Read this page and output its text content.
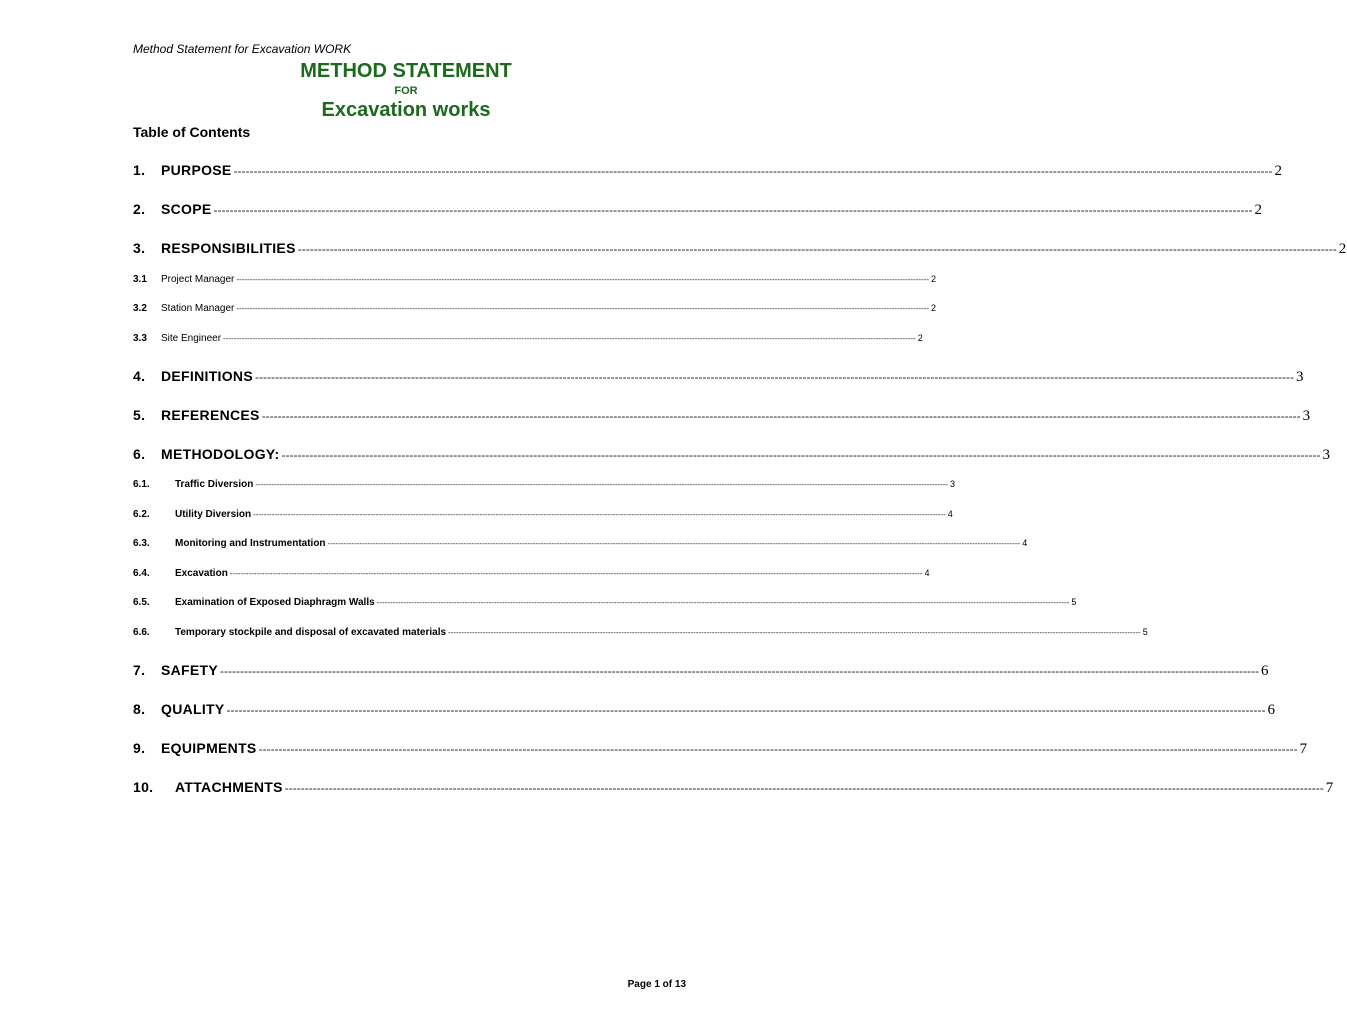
Method Statement for Excavation WORK
METHOD STATEMENT
FOR
Excavation works
Table of Contents
1.	PURPOSE -------------------------------------------------------------------------------------------------------------------------------------------------------------------------------------------------------------------------------------------------------------------- 2
2.	SCOPE -------------------------------------------------------------------------------------------------------------------------------------------------------------------------------------------------------------------------------------------------------------------- 2
3.	RESPONSIBILITIES -------------------------------------------------------------------------------------------------------------------------------------------------------------------------------------------------------------------------------------------------------------------- 2
3.1	Project Manager -------------------------------------------------------------------------------------------------------------------------------------------------------------------------------------------------------------------------------------------------------------------- 2
3.2	Station Manager -------------------------------------------------------------------------------------------------------------------------------------------------------------------------------------------------------------------------------------------------------------------- 2
3.3	Site Engineer -------------------------------------------------------------------------------------------------------------------------------------------------------------------------------------------------------------------------------------------------------------------- 2
4.	DEFINITIONS -------------------------------------------------------------------------------------------------------------------------------------------------------------------------------------------------------------------------------------------------------------------- 3
5.	REFERENCES -------------------------------------------------------------------------------------------------------------------------------------------------------------------------------------------------------------------------------------------------------------------- 3
6.	METHODOLOGY: -------------------------------------------------------------------------------------------------------------------------------------------------------------------------------------------------------------------------------------------------------------------- 3
6.1.	Traffic Diversion -------------------------------------------------------------------------------------------------------------------------------------------------------------------------------------------------------------------------------------------------------------------- 3
6.2.	Utility Diversion -------------------------------------------------------------------------------------------------------------------------------------------------------------------------------------------------------------------------------------------------------------------- 4
6.3.	Monitoring and Instrumentation -------------------------------------------------------------------------------------------------------------------------------------------------------------------------------------------------------------------------------------------------------------------- 4
6.4.	Excavation -------------------------------------------------------------------------------------------------------------------------------------------------------------------------------------------------------------------------------------------------------------------- 4
6.5.	Examination of Exposed Diaphragm Walls -------------------------------------------------------------------------------------------------------------------------------------------------------------------------------------------------------------------------------------------------------------------- 5
6.6.	Temporary stockpile and disposal of excavated materials -------------------------------------------------------------------------------------------------------------------------------------------------------------------------------------------------------------------------------------------------------------------- 5
7.	SAFETY -------------------------------------------------------------------------------------------------------------------------------------------------------------------------------------------------------------------------------------------------------------------- 6
8.	QUALITY -------------------------------------------------------------------------------------------------------------------------------------------------------------------------------------------------------------------------------------------------------------------- 6
9.	EQUIPMENTS -------------------------------------------------------------------------------------------------------------------------------------------------------------------------------------------------------------------------------------------------------------------- 7
10.	ATTACHMENTS -------------------------------------------------------------------------------------------------------------------------------------------------------------------------------------------------------------------------------------------------------------------- 7
Page 1 of 13
